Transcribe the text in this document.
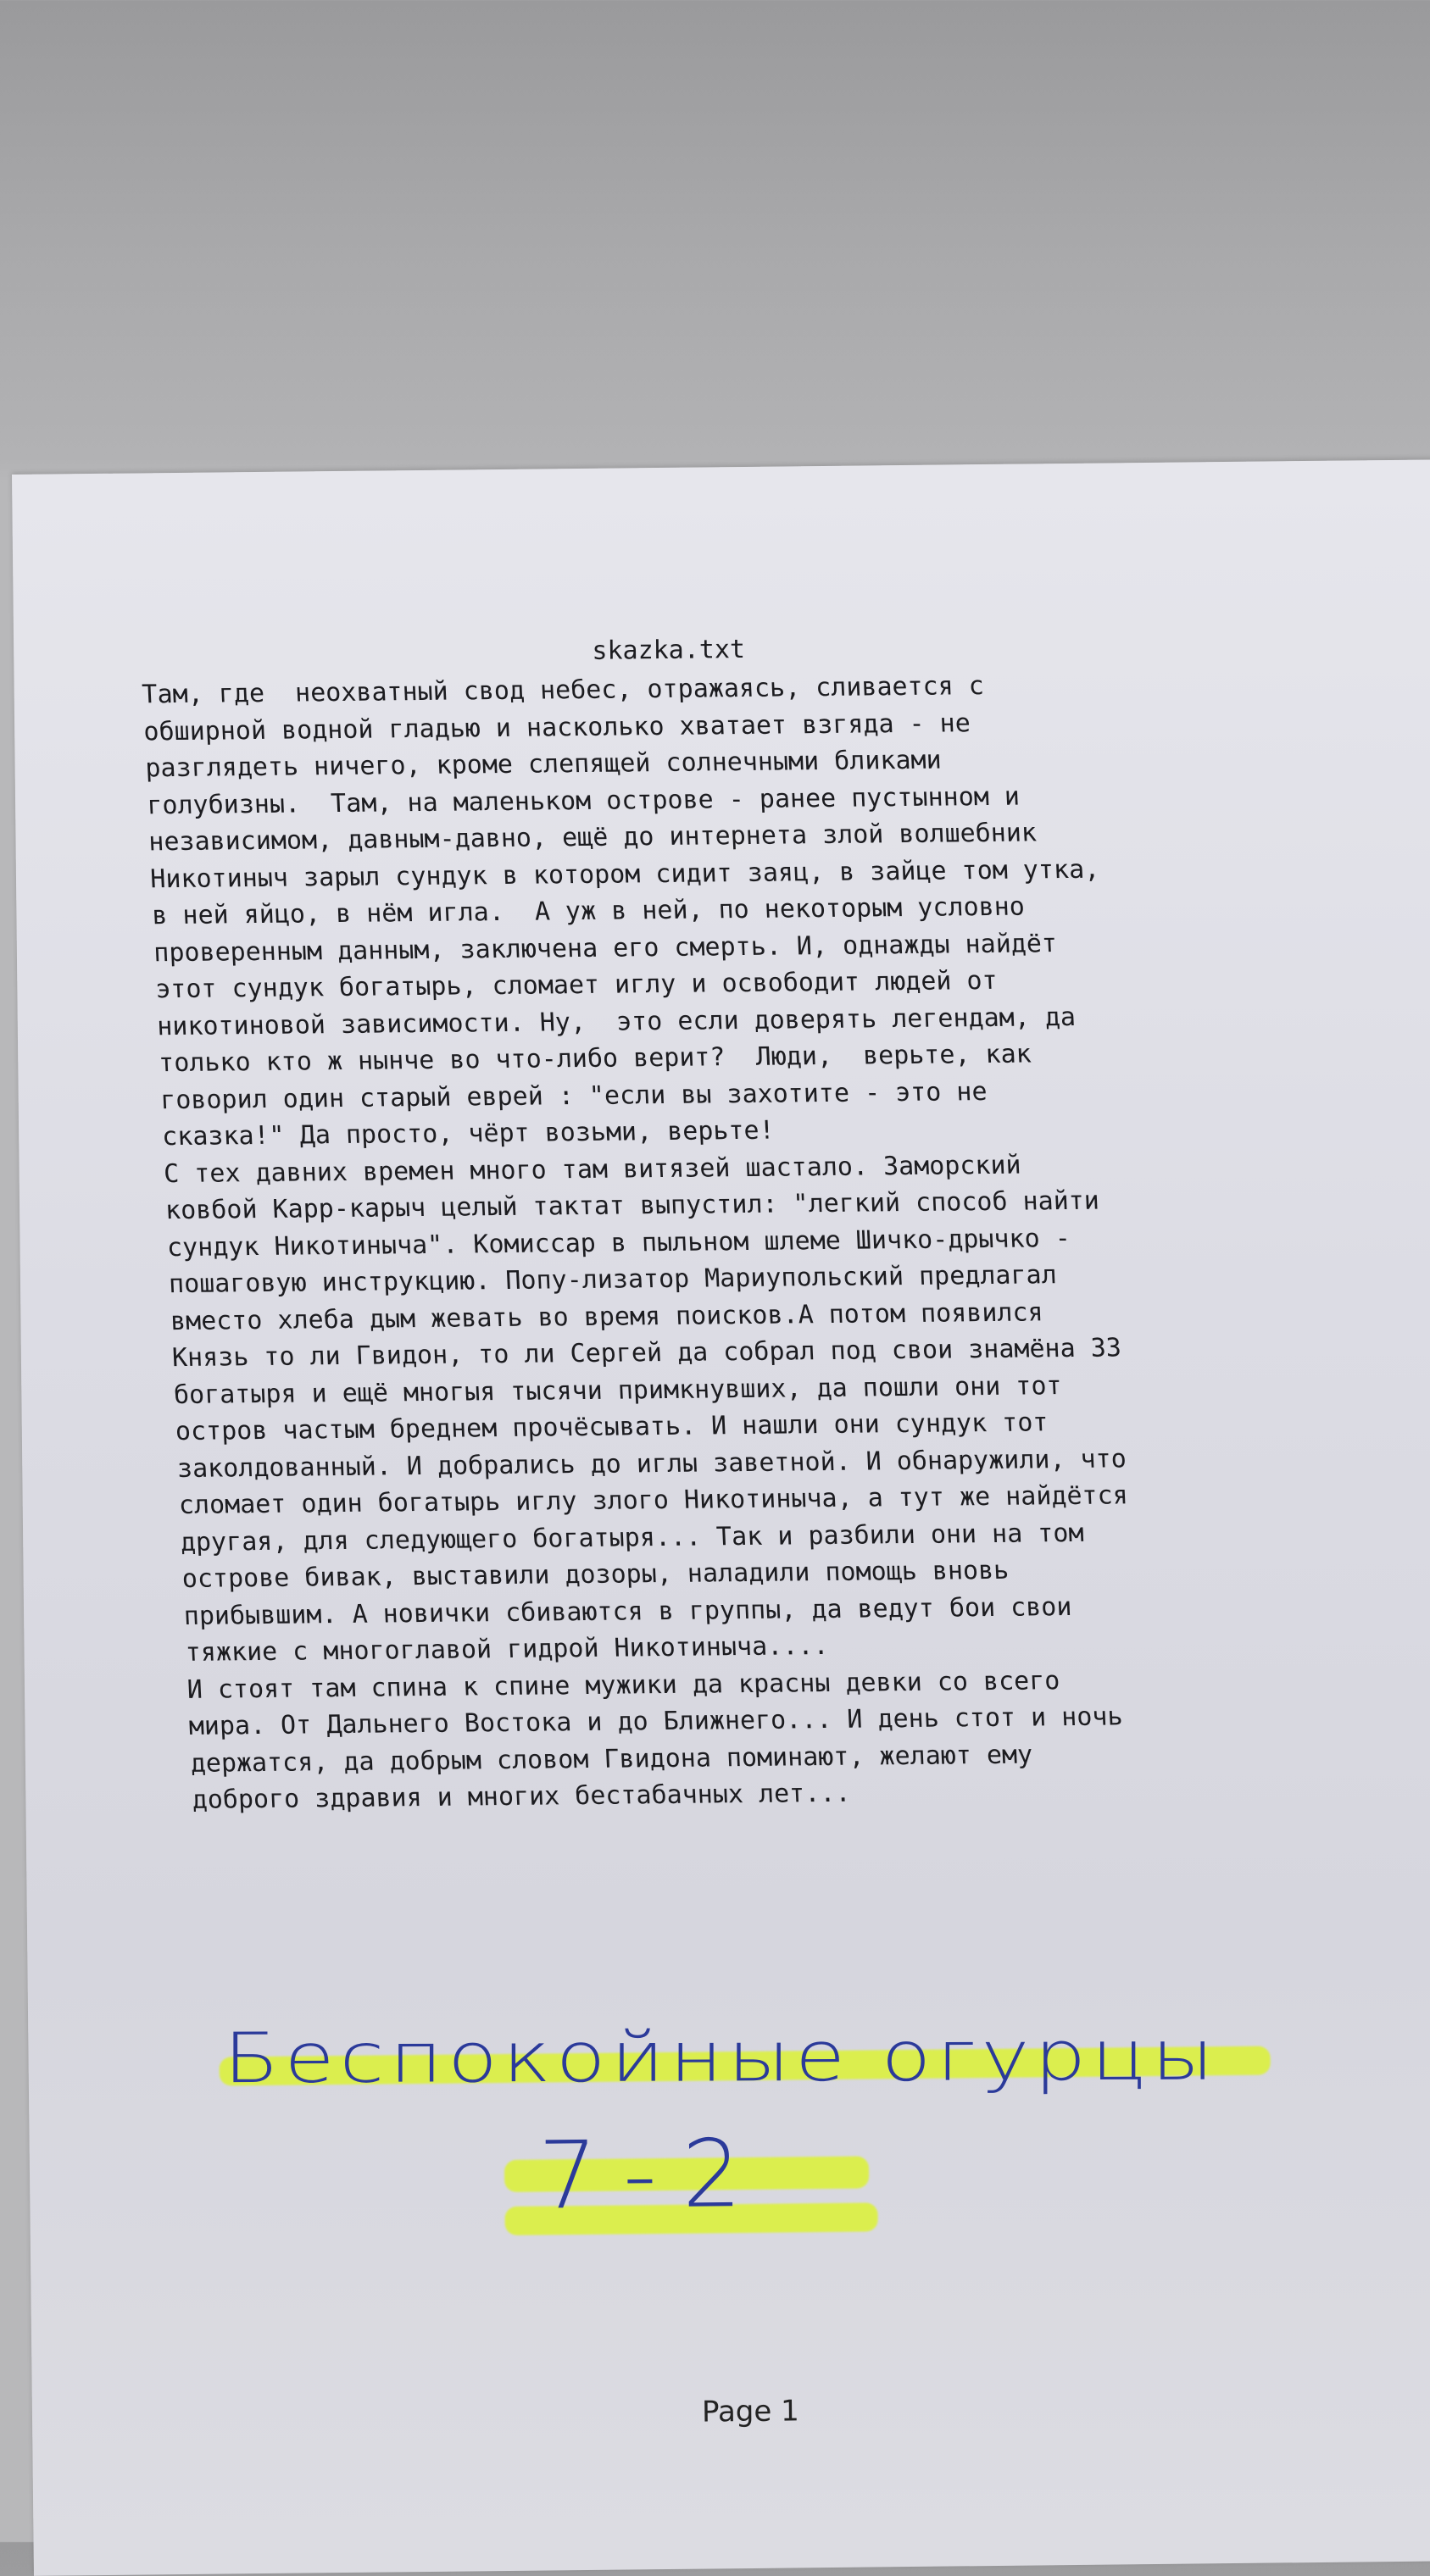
skazka.txt
Там, где  неохватный свод небес, отражаясь, сливается с
обширной водной гладью и насколько хватает взгяда - не
разглядеть ничего, кроме слепящей солнечными бликами
голубизны.  Там, на маленьком острове - ранее пустынном и
независимом, давным-давно, ещё до интернета злой волшебник
Никотиныч зарыл сундук в котором сидит заяц, в зайце том утка,
в ней яйцо, в нём игла.  А уж в ней, по некоторым условно
проверенным данным, заключена его смерть. И, однажды найдёт
этот сундук богатырь, сломает иглу и освободит людей от
никотиновой зависимости. Ну,  это если доверять легендам, да
только кто ж нынче во что-либо верит?  Люди,  верьте, как
говорил один старый еврей : "если вы захотите - это не
сказка!" Да просто, чёрт возьми, верьте!
С тех давних времен много там витязей шастало. Заморский
ковбой Карр-карыч целый тактат выпустил: "легкий способ найти
сундук Никотиныча". Комиссар в пыльном шлеме Шичко-дрычко -
пошаговую инструкцию. Попу-лизатор Мариупольский предлагал
вместо хлеба дым жевать во время поисков.А потом появился
Князь то ли Гвидон, то ли Сергей да собрал под свои знамёна 33
богатыря и ещё многыя тысячи примкнувших, да пошли они тот
остров частым бреднем прочёсывать. И нашли они сундук тот
заколдованный. И добрались до иглы заветной. И обнаружили, что
сломает один богатырь иглу злого Никотиныча, а тут же найдётся
другая, для следующего богатыря... Так и разбили они на том
острове бивак, выставили дозоры, наладили помощь вновь
прибывшим. А новички сбиваются в группы, да ведут бои свои
тяжкие с многоглавой гидрой Никотиныча....
И стоят там спина к спине мужики да красны девки со всего
мира. От Дальнего Востока и до Ближнего... И день стот и ночь
держатся, да добрым словом Гвидона поминают, желают ему
доброго здравия и многих бестабачных лет...
Беспокойные огурцы
7-2
Page 1
